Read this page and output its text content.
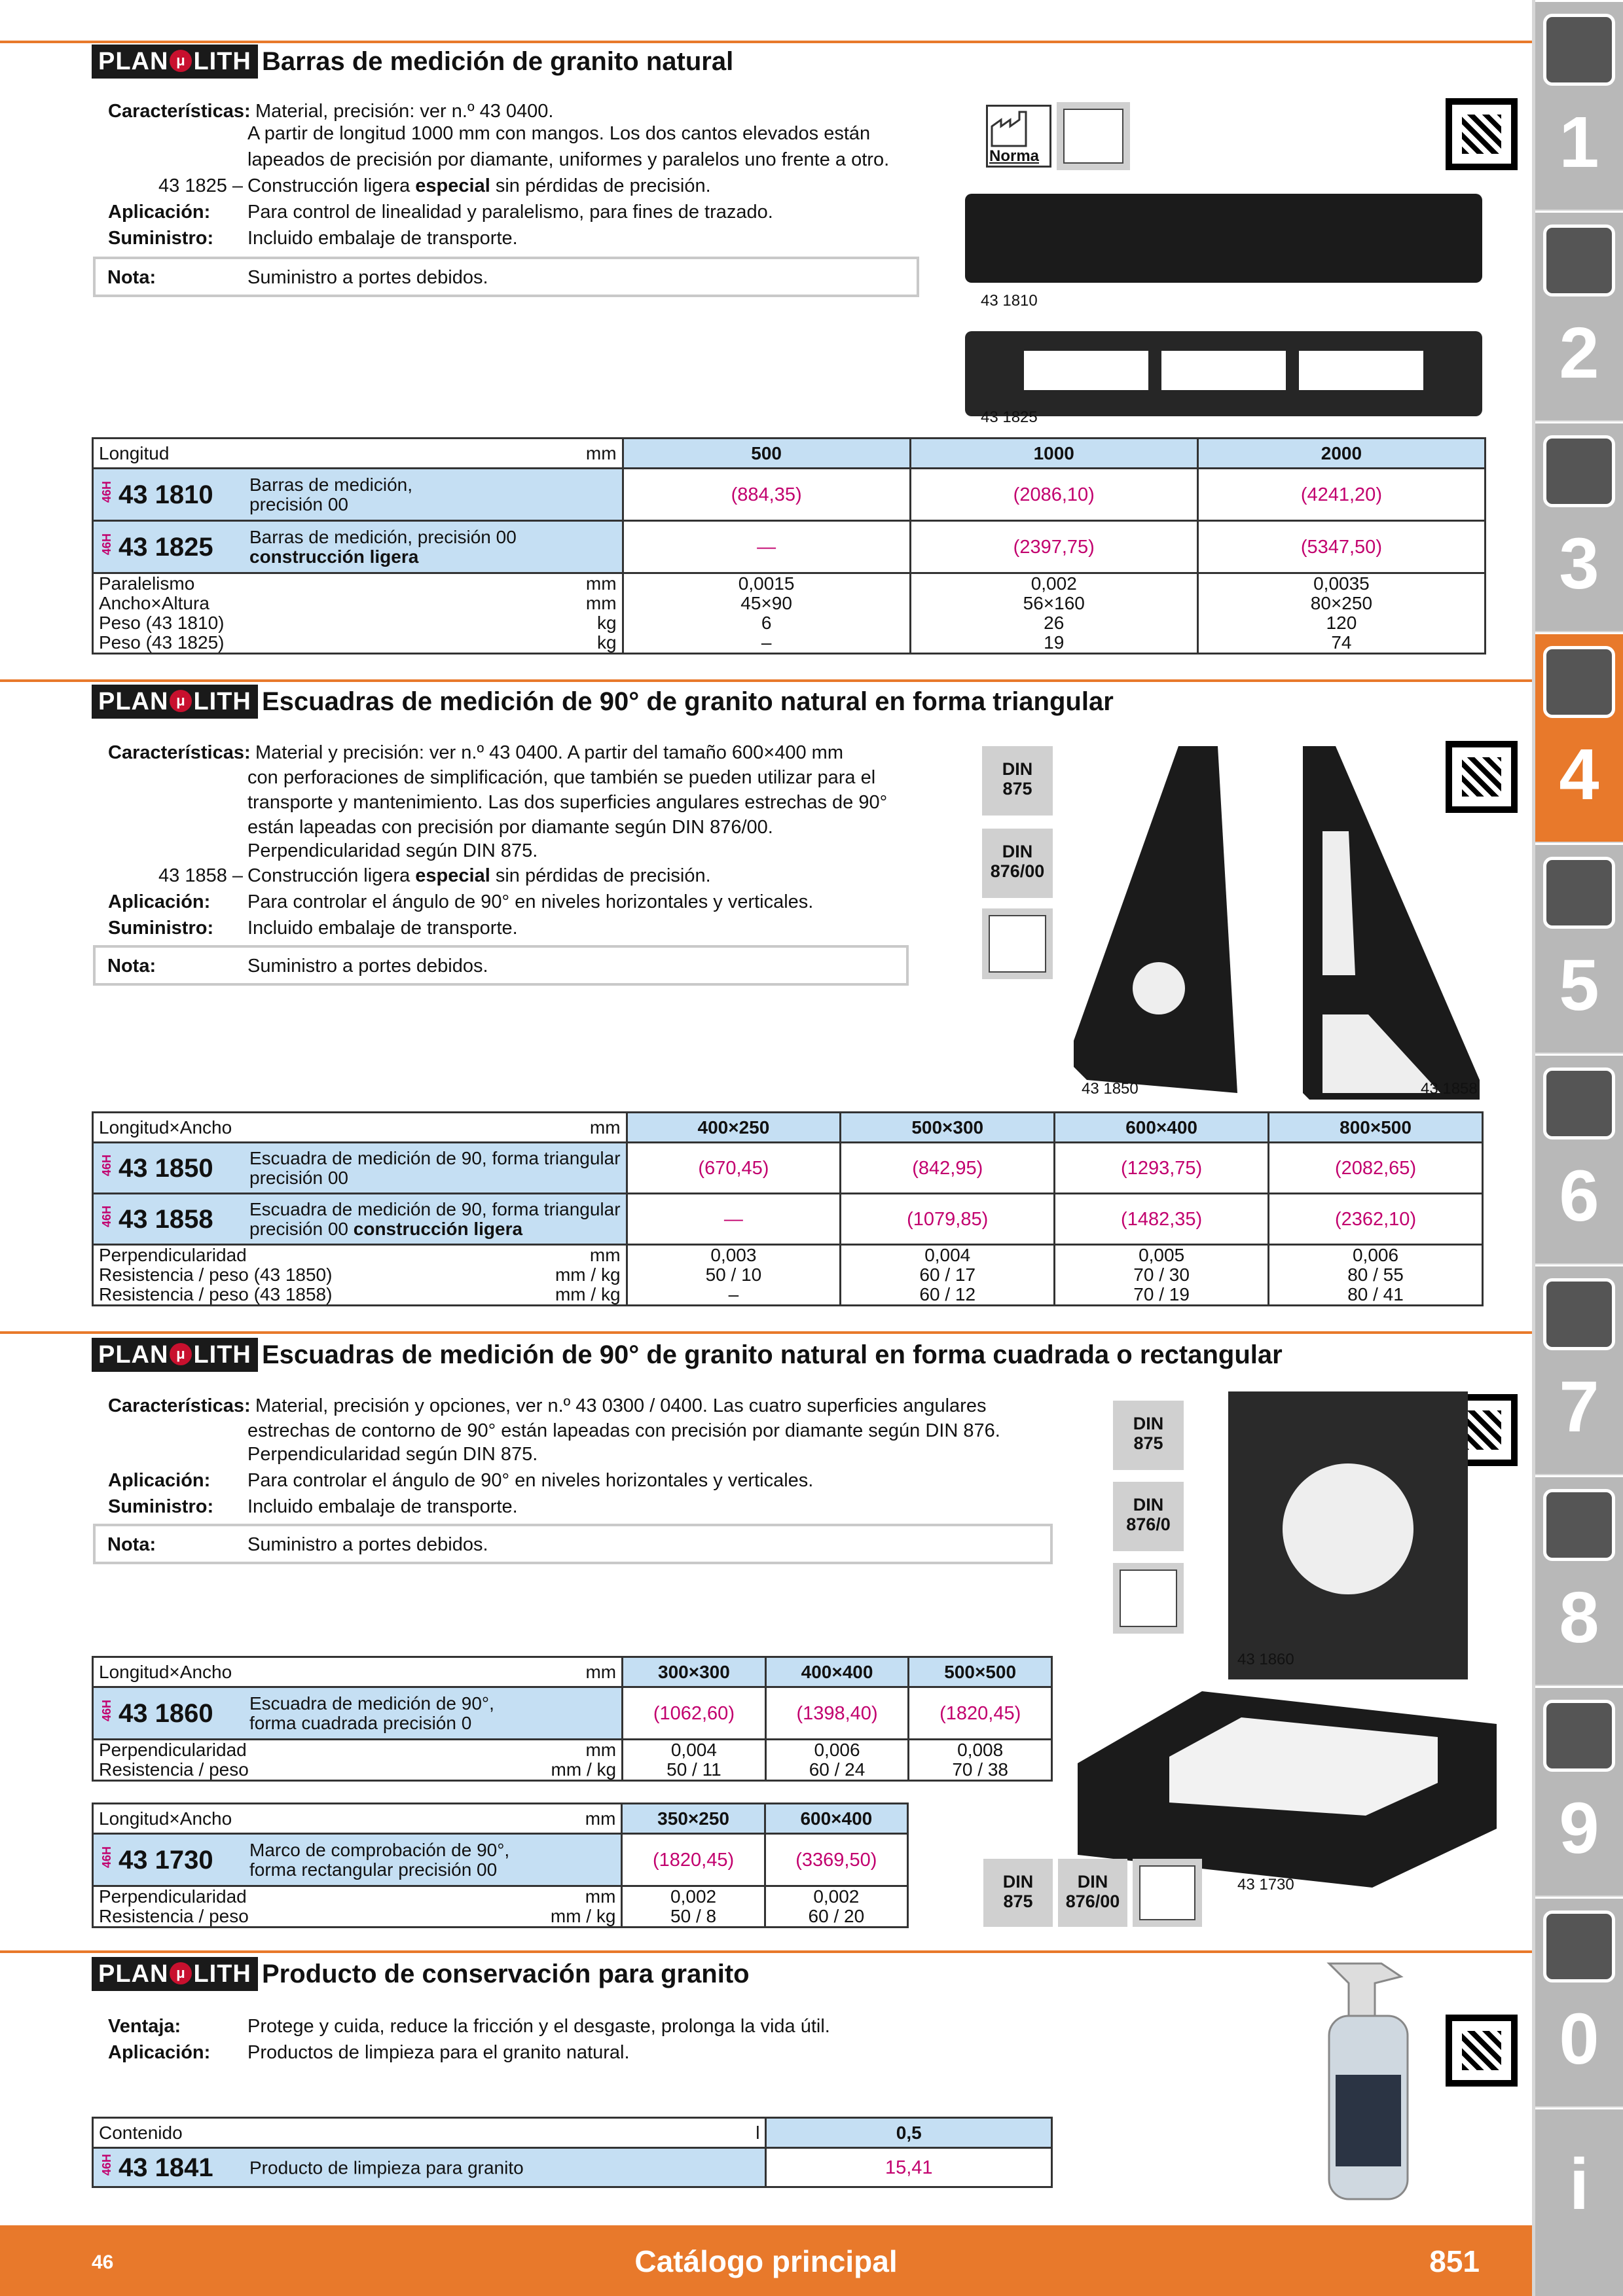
PLAN μ LITH Barras de medición de granito natural
Características: Material, precisión: ver n.º 43 0400.
A partir de longitud 1000 mm con mangos. Los dos cantos elevados están
lapeados de precisión por diamante, uniformes y paralelos uno frente a otro.
43 1825 – Construcción ligera especial sin pérdidas de precisión.
Aplicación: Para control de linealidad y paralelismo, para fines de trazado.
Suministro: Incluido embalaje de transporte.
Nota:	Suministro a portes debidos.
Norma
43 1810
43 1825
Longitud mm	500	1000	2000
46H 43 1810 Barras de medición,
precisión 00	(884,35)	(2086,10)	(4241,20)
46H 43 1825 Barras de medición, precisión 00
construcción ligera	—	(2397,75)	(5347,50)
Paralelismo mm	0,0015	0,002	0,0035
Ancho×Altura mm	45×90	56×160	80×250
Peso (43 1810) kg	6	26	120
Peso (43 1825) kg	–	19	74
PLAN μ LITH Escuadras de medición de 90° de granito natural en forma triangular
Características: Material y precisión: ver n.º 43 0400. A partir del tamaño 600×400 mm
con perforaciones de simplificación, que también se pueden utilizar para el
transporte y mantenimiento. Las dos superficies angulares estrechas de 90°
están lapeadas con precisión por diamante según DIN 876/00.
Perpendicularidad según DIN 875.
43 1858 – Construcción ligera especial sin pérdidas de precisión.
Aplicación: Para controlar el ángulo de 90° en niveles horizontales y verticales.
Suministro: Incluido embalaje de transporte.
Nota:	Suministro a portes debidos.
DIN
875
DIN
876/00
43 1850	43 1858
Longitud×Ancho mm	400×250	500×300	600×400	800×500
46H 43 1850 Escuadra de medición de 90, forma triangular
precisión 00	(670,45)	(842,95)	(1293,75)	(2082,65)
46H 43 1858 Escuadra de medición de 90, forma triangular
precisión 00 construcción ligera	—	(1079,85)	(1482,35)	(2362,10)
Perpendicularidad mm	0,003	0,004	0,005	0,006
Resistencia / peso (43 1850) mm / kg	50 / 10	60 / 17	70 / 30	80 / 55
Resistencia / peso (43 1858) mm / kg	–	60 / 12	70 / 19	80 / 41
PLAN μ LITH Escuadras de medición de 90° de granito natural en forma cuadrada o rectangular
Características: Material, precisión y opciones, ver n.º 43 0300 / 0400. Las cuatro superficies angulares
estrechas de contorno de 90° están lapeadas con precisión por diamante según DIN 876.
Perpendicularidad según DIN 875.
Aplicación: Para controlar el ángulo de 90° en niveles horizontales y verticales.
Suministro: Incluido embalaje de transporte.
Nota:	Suministro a portes debidos.
DIN
875
DIN
876/0
43 1860
43 1730
DIN
875
DIN
876/00
Longitud×Ancho mm	300×300	400×400	500×500
46H 43 1860 Escuadra de medición de 90°,
forma cuadrada precisión 0	(1062,60)	(1398,40)	(1820,45)
Perpendicularidad mm	0,004	0,006	0,008
Resistencia / peso mm / kg	50 / 11	60 / 24	70 / 38
Longitud×Ancho mm	350×250	600×400
46H 43 1730 Marco de comprobación de 90°,
forma rectangular precisión 00	(1820,45)	(3369,50)
Perpendicularidad mm	0,002	0,002
Resistencia / peso mm / kg	50 / 8	60 / 20
PLAN μ LITH Producto de conservación para granito
Ventaja:	Protege y cuida, reduce la fricción y el desgaste, prolonga la vida útil.
Aplicación: Productos de limpieza para el granito natural.
Contenido l	0,5
46H 43 1841 Producto de limpieza para granito	15,41
1
2
3
4
5
6
7
8
9
0
i
46	Catálogo principal	851
